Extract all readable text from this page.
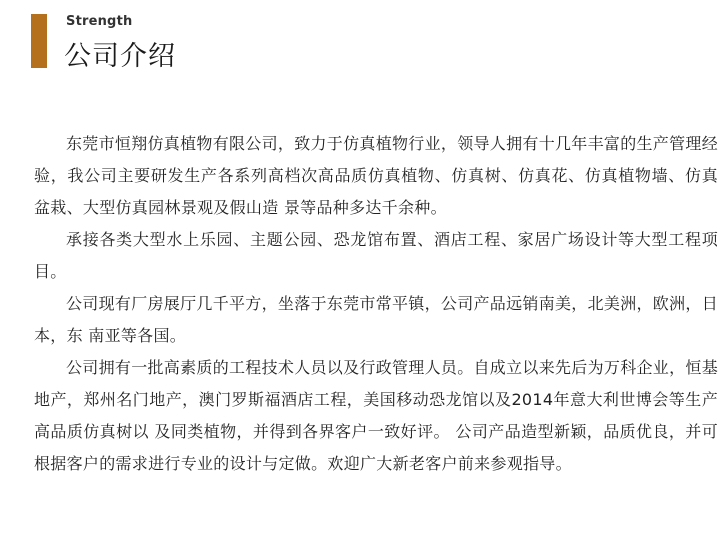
Strength
公司介绍

东莞市恒翔仿真植物有限公司，致力于仿真植物行业，领导人拥有十几年丰富的生产管理经验，我公司主要研发生产各系列高档次高品质仿真植物、仿真树、仿真花、仿真植物墙、仿真盆栽、大型仿真园林景观及假山造 景等品种多达千余种。

承接各类大型水上乐园、主题公园、恐龙馆布置、酒店工程、家居广场设计等大型工程项目。

公司现有厂房展厅几千平方，坐落于东莞市常平镇，公司产品远销南美，北美洲，欧洲，日本，东 南亚等各国。

公司拥有一批高素质的工程技术人员以及行政管理人员。自成立以来先后为万科企业，恒基地产，郑州名门地产，澳门罗斯福酒店工程，美国移动恐龙馆以及2014年意大利世博会等生产高品质仿真树以 及同类植物，并得到各界客户一致好评。 公司产品造型新颖，品质优良，并可根据客户的需求进行专业的设计与定做。欢迎广大新老客户前来参观指导。
